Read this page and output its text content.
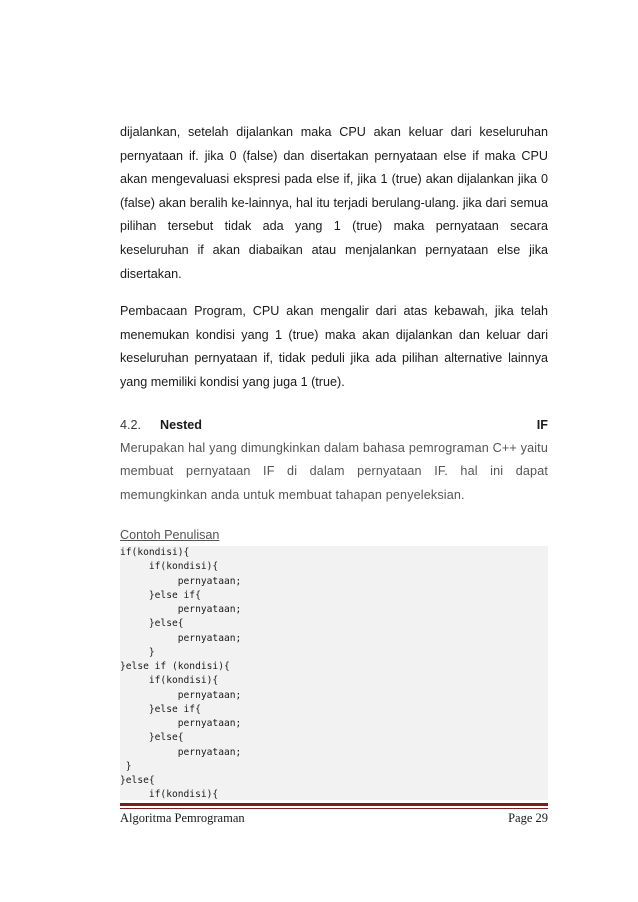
dijalankan, setelah dijalankan maka CPU akan keluar dari keseluruhan pernyataan if. jika 0 (false) dan disertakan pernyataan else if maka CPU akan mengevaluasi ekspresi pada else if, jika 1 (true) akan dijalankan jika 0 (false) akan beralih ke-lainnya, hal itu terjadi berulang-ulang. jika dari semua pilihan tersebut tidak ada yang 1 (true) maka pernyataan secara keseluruhan if akan diabaikan atau menjalankan pernyataan else jika disertakan.

Pembacaan Program, CPU akan mengalir dari atas kebawah, jika telah menemukan kondisi yang 1 (true) maka akan dijalankan dan keluar dari keseluruhan pernyataan if, tidak peduli jika ada pilihan alternative lainnya yang memiliki kondisi yang juga 1 (true).

4.2.	Nested	IF

Merupakan hal yang dimungkinkan dalam bahasa pemrograman C++ yaitu membuat pernyataan IF di dalam pernyataan IF. hal ini dapat memungkinkan anda untuk membuat tahapan penyeleksian.

Contoh Penulisan
if(kondisi){
if(kondisi){
pernyataan;
}else if{
pernyataan;
}else{
pernyataan;
}
}else if (kondisi){
if(kondisi){
pernyataan;
}else if{
pernyataan;
}else{
pernyataan;
}
}else{
if(kondisi){
Algoritma Pemrograman	Page 29
